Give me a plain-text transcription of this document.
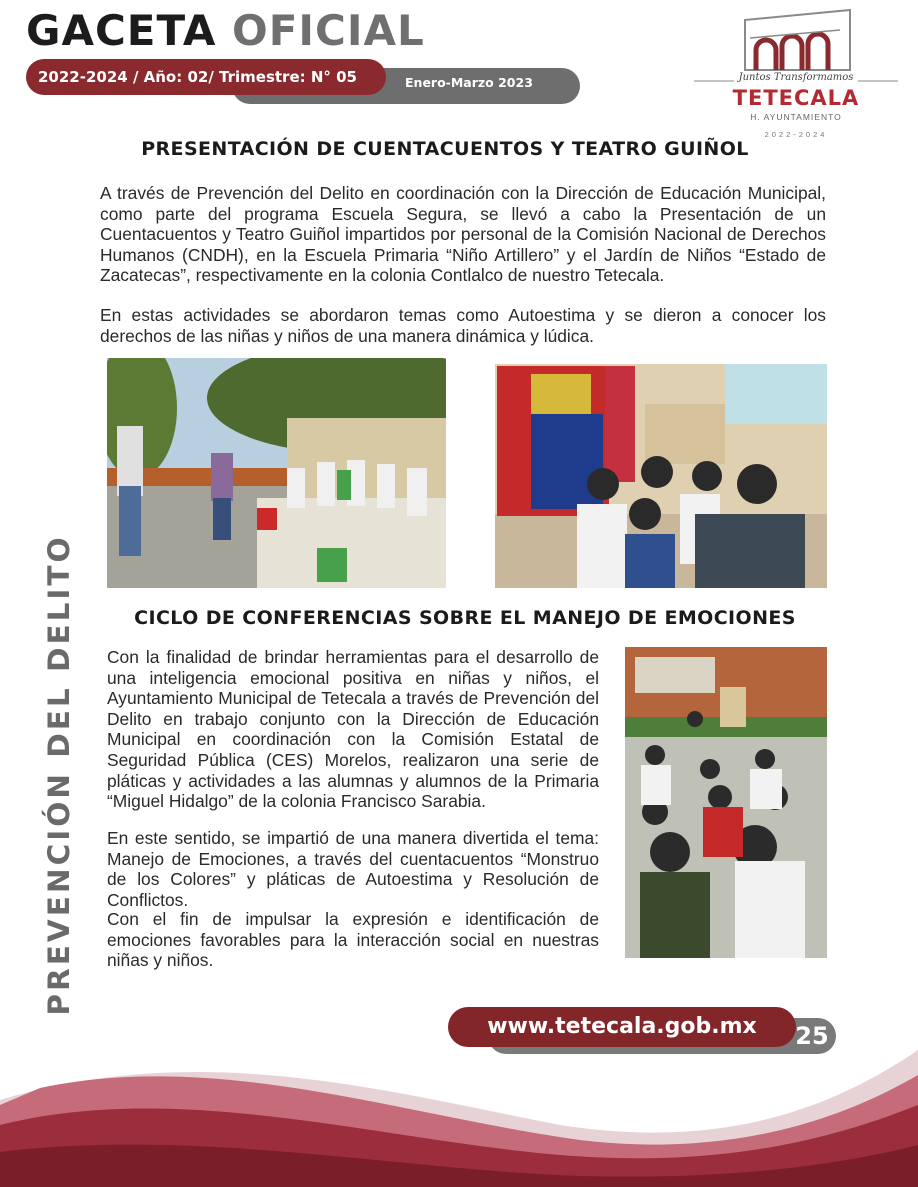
GACETA OFICIAL
2022-2024 / Año: 02/ Trimestre: N° 05	Enero-Marzo 2023	Juntos Transformamos
TETECALA
H. AYUNTAMIENTO
2022-2024
PREVENCIÓN DEL DELITO
PRESENTACIÓN DE CUENTACUENTOS Y TEATRO GUIÑOL
A través de Prevención del Delito en coordinación con la Dirección de Educación Municipal, como parte del programa Escuela Segura, se llevó a cabo la Presentación de un Cuentacuentos y Teatro Guiñol impartidos por personal de la Comisión Nacional de Derechos Humanos (CNDH), en la Escuela Primaria “Niño Artillero” y el Jardín de Niños “Estado de Zacatecas”, respectivamente en la colonia Contlalco de nuestro Tetecala.
En estas actividades se abordaron temas como Autoestima y se dieron a conocer los derechos de las niñas y niños de una manera dinámica y lúdica.
CICLO DE CONFERENCIAS SOBRE EL MANEJO DE EMOCIONES
Con la finalidad de brindar herramientas para el desarrollo de una inteligencia emocional positiva en niñas y niños, el Ayuntamiento Municipal de Tetecala a través de Prevención del Delito en trabajo conjunto con la Dirección de Educación Municipal en coordinación con la Comisión Estatal de Seguridad Pública (CES) Morelos, realizaron una serie de pláticas y actividades a las alumnas y alumnos de la Primaria “Miguel Hidalgo” de la colonia Francisco Sarabia.
En este sentido, se impartió de una manera divertida el tema: Manejo de Emociones, a través del cuentacuentos “Monstruo de los Colores” y pláticas de Autoestima y Resolución de Conflictos.
Con el fin de impulsar la expresión e identificación de emociones favorables para la interacción social en nuestras niñas y niños.
www.tetecala.gob.mx	25
